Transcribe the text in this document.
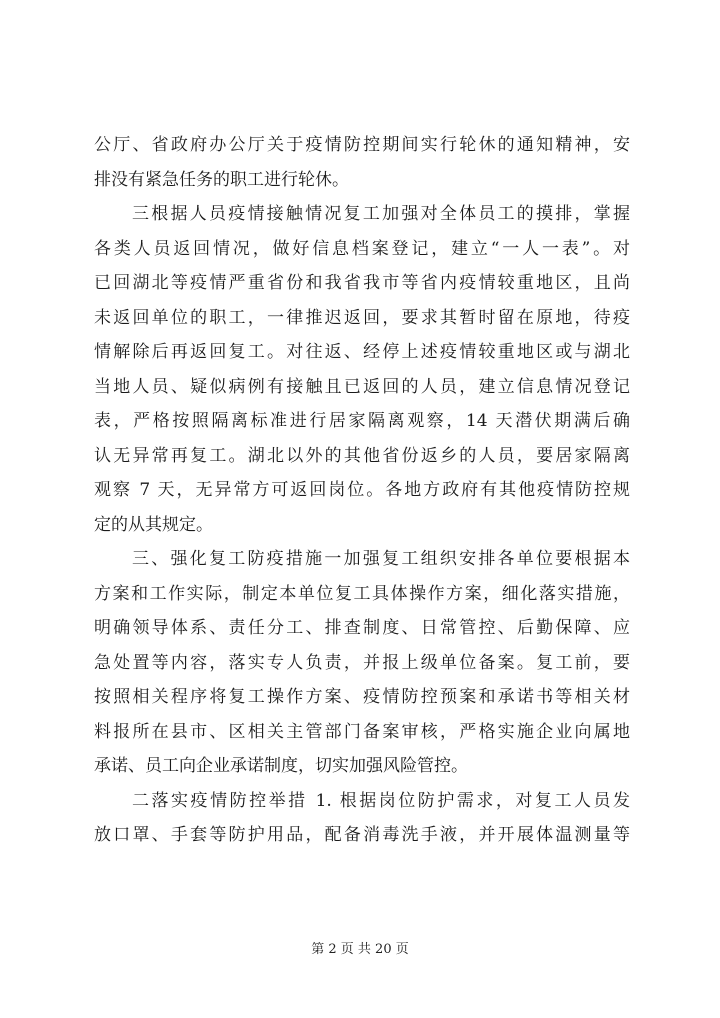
公厅、省政府办公厅关于疫情防控期间实行轮休的通知精神，安
排没有紧急任务的职工进行轮休。
三根据人员疫情接触情况复工加强对全体员工的摸排，掌握
各类人员返回情况，做好信息档案登记，建立“一人一表”。对
已回湖北等疫情严重省份和我省我市等省内疫情较重地区，且尚
未返回单位的职工，一律推迟返回，要求其暂时留在原地，待疫
情解除后再返回复工。对往返、经停上述疫情较重地区或与湖北
当地人员、疑似病例有接触且已返回的人员，建立信息情况登记
表，严格按照隔离标准进行居家隔离观察，14 天潜伏期满后确
认无异常再复工。湖北以外的其他省份返乡的人员，要居家隔离
观察 7 天，无异常方可返回岗位。各地方政府有其他疫情防控规
定的从其规定。
三、强化复工防疫措施一加强复工组织安排各单位要根据本
方案和工作实际，制定本单位复工具体操作方案，细化落实措施，
明确领导体系、责任分工、排查制度、日常管控、后勤保障、应
急处置等内容，落实专人负责，并报上级单位备案。复工前，要
按照相关程序将复工操作方案、疫情防控预案和承诺书等相关材
料报所在县市、区相关主管部门备案审核，严格实施企业向属地
承诺、员工向企业承诺制度，切实加强风险管控。
二落实疫情防控举措 1. 根据岗位防护需求，对复工人员发
放口罩、手套等防护用品，配备消毒洗手液，并开展体温测量等
第 2 页 共 20 页
